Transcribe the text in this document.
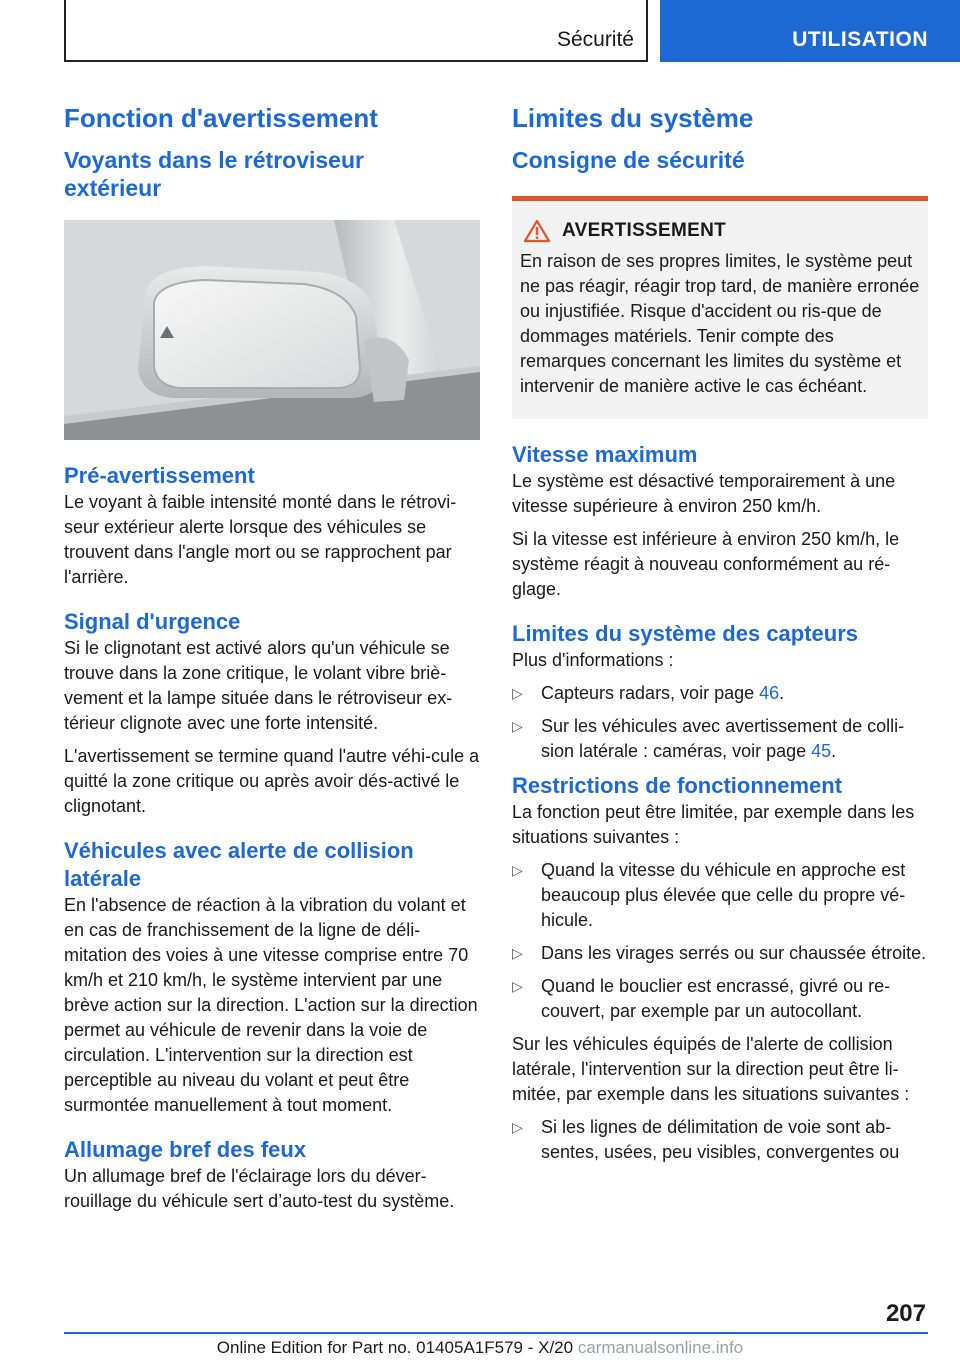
Sécurité	UTILISATION
Fonction d'avertissement
Voyants dans le rétroviseur extérieur
Pré-avertissement

Le voyant à faible intensité monté dans le rétrovi-seur extérieur alerte lorsque des véhicules se trouvent dans l'angle mort ou se rapprochent par l'arrière.

Signal d'urgence

Si le clignotant est activé alors qu'un véhicule se trouve dans la zone critique, le volant vibre briè-vement et la lampe située dans le rétroviseur ex-térieur clignote avec une forte intensité.

L'avertissement se termine quand l'autre véhi-cule a quitté la zone critique ou après avoir dés-activé le clignotant.

Véhicules avec alerte de collision latérale

En l'absence de réaction à la vibration du volant et en cas de franchissement de la ligne de déli-mitation des voies à une vitesse comprise entre 70 km/h et 210 km/h, le système intervient par une brève action sur la direction. L'action sur la direction permet au véhicule de revenir dans la voie de circulation. L'intervention sur la direction est perceptible au niveau du volant et peut être surmontée manuellement à tout moment.

Allumage bref des feux

Un allumage bref de l'éclairage lors du déver-rouillage du véhicule sert d’auto-test du système.

Limites du système
Consigne de sécurité
AVERTISSEMENT
En raison de ses propres limites, le système peut ne pas réagir, réagir trop tard, de manière erronée ou injustifiée. Risque d'accident ou ris-que de dommages matériels. Tenir compte des remarques concernant les limites du système et intervenir de manière active le cas échéant.
Vitesse maximum

Le système est désactivé temporairement à une vitesse supérieure à environ 250 km/h.

Si la vitesse est inférieure à environ 250 km/h, le système réagit à nouveau conformément au ré-glage.

Limites du système des capteurs

Plus d'informations :

▷ Capteurs radars, voir page 46.
▷ Sur les véhicules avec avertissement de colli-sion latérale : caméras, voir page 45.
Restrictions de fonctionnement

La fonction peut être limitée, par exemple dans les situations suivantes :

▷ Quand la vitesse du véhicule en approche est beaucoup plus élevée que celle du propre vé-hicule.
▷ Dans les virages serrés ou sur chaussée étroite.
▷ Quand le bouclier est encrassé, givré ou re-couvert, par exemple par un autocollant.

Sur les véhicules équipés de l'alerte de collision latérale, l'intervention sur la direction peut être li-mitée, par exemple dans les situations suivantes :

▷ Si les lignes de délimitation de voie sont ab-sentes, usées, peu visibles, convergentes ou
207
Online Edition for Part no. 01405A1F579 - X/20 carmanualsonline.info
